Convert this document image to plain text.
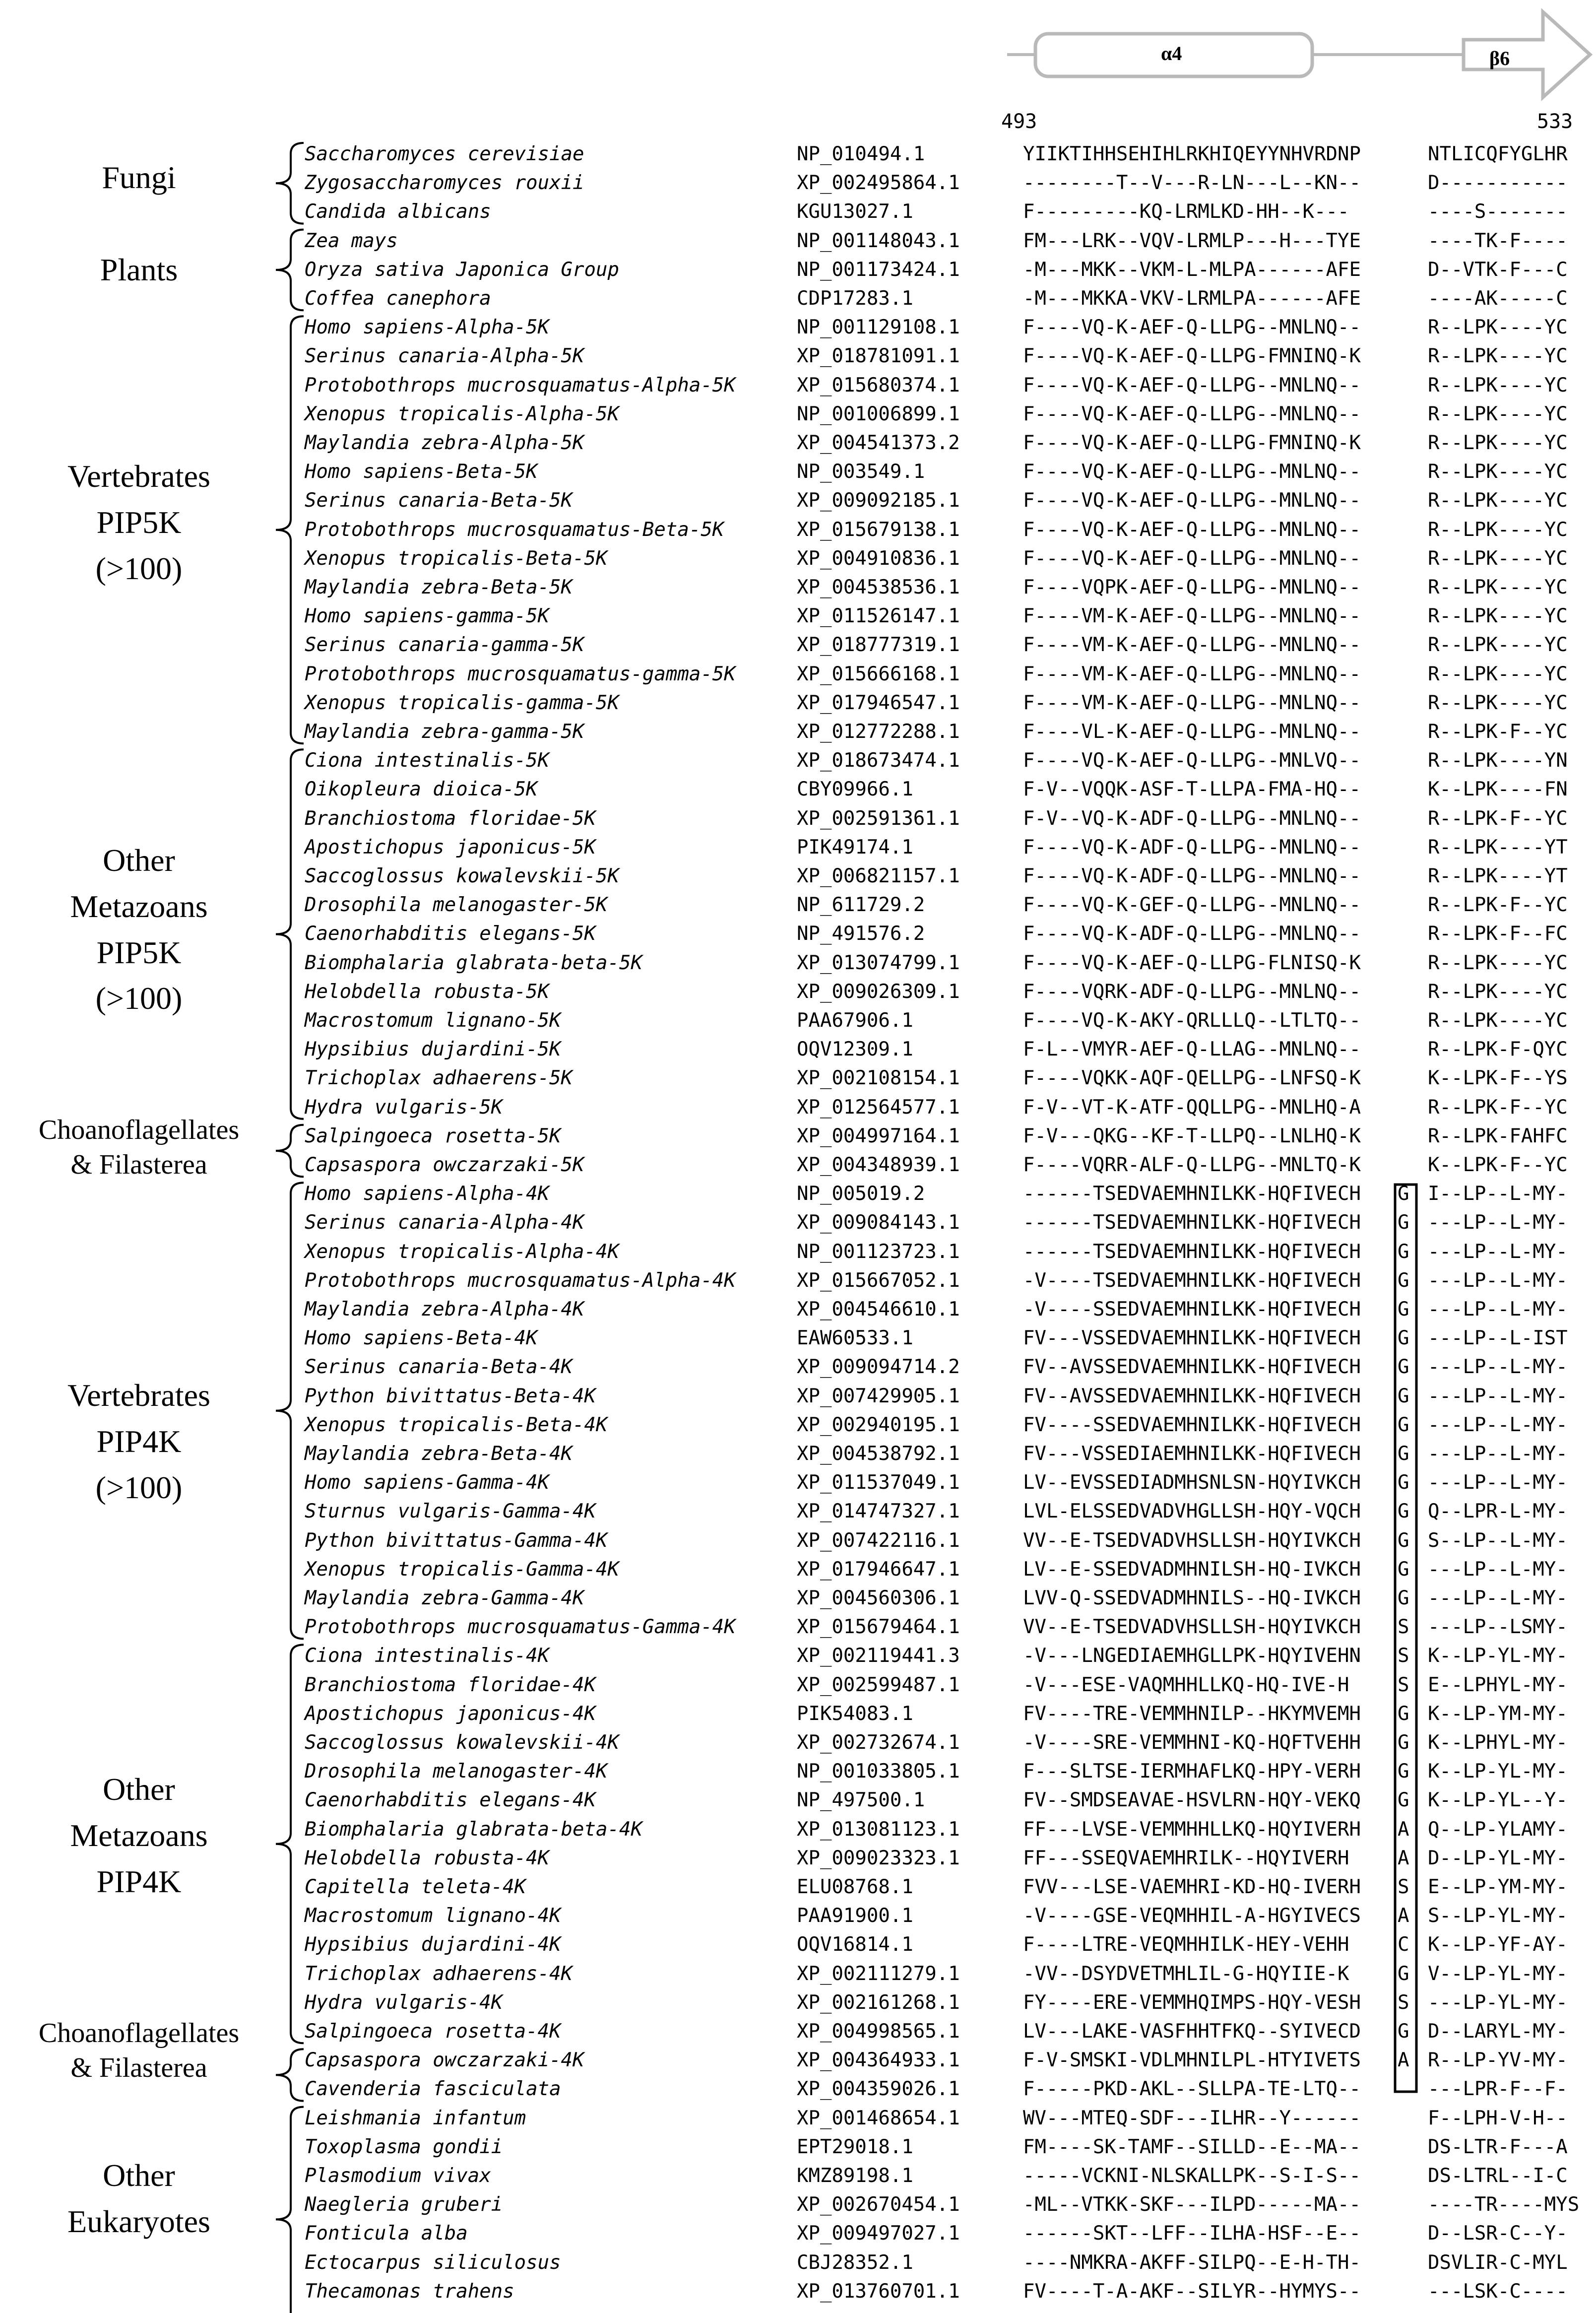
α4	β6
493	533
Fungi
Plants
Vertebrates
PIP5K
(>100)
Other
Metazoans
PIP5K
(>100)
Choanoflagellates
& Filasterea
Vertebrates
PIP4K
(>100)
Other
Metazoans
PIP4K
Choanoflagellates
& Filasterea
Other
Eukaryotes
Saccharomyces cerevisiae	NP_010494.1	YIIKTIHHSEHIHLRKHIQEYYNHVRDNP	NTLICQFYGLHR
Zygosaccharomyces rouxii	XP_002495864.1	--------T--V---R-LN---L--KN--	D-----------
Candida albicans	KGU13027.1	F---------KQ-LRMLKD-HH--K---	----S-------
Zea mays	NP_001148043.1	FM---LRK--VQV-LRMLP---H---TYE	----TK-F----
Oryza sativa Japonica Group	NP_001173424.1	-M---MKK--VKM-L-MLPA------AFE	D--VTK-F---C
Coffea canephora	CDP17283.1	-M---MKKA-VKV-LRMLPA------AFE	----AK-----C
Homo sapiens-Alpha-5K	NP_001129108.1	F----VQ-K-AEF-Q-LLPG--MNLNQ--	R--LPK----YC
Serinus canaria-Alpha-5K	XP_018781091.1	F----VQ-K-AEF-Q-LLPG-FMNINQ-K	R--LPK----YC
Protobothrops mucrosquamatus-Alpha-5K	XP_015680374.1	F----VQ-K-AEF-Q-LLPG--MNLNQ--	R--LPK----YC
Xenopus tropicalis-Alpha-5K	NP_001006899.1	F----VQ-K-AEF-Q-LLPG--MNLNQ--	R--LPK----YC
Maylandia zebra-Alpha-5K	XP_004541373.2	F----VQ-K-AEF-Q-LLPG-FMNINQ-K	R--LPK----YC
Homo sapiens-Beta-5K	NP_003549.1	F----VQ-K-AEF-Q-LLPG--MNLNQ--	R--LPK----YC
Serinus canaria-Beta-5K	XP_009092185.1	F----VQ-K-AEF-Q-LLPG--MNLNQ--	R--LPK----YC
Protobothrops mucrosquamatus-Beta-5K	XP_015679138.1	F----VQ-K-AEF-Q-LLPG--MNLNQ--	R--LPK----YC
Xenopus tropicalis-Beta-5K	XP_004910836.1	F----VQ-K-AEF-Q-LLPG--MNLNQ--	R--LPK----YC
Maylandia zebra-Beta-5K	XP_004538536.1	F----VQPK-AEF-Q-LLPG--MNLNQ--	R--LPK----YC
Homo sapiens-gamma-5K	XP_011526147.1	F----VM-K-AEF-Q-LLPG--MNLNQ--	R--LPK----YC
Serinus canaria-gamma-5K	XP_018777319.1	F----VM-K-AEF-Q-LLPG--MNLNQ--	R--LPK----YC
Protobothrops mucrosquamatus-gamma-5K	XP_015666168.1	F----VM-K-AEF-Q-LLPG--MNLNQ--	R--LPK----YC
Xenopus tropicalis-gamma-5K	XP_017946547.1	F----VM-K-AEF-Q-LLPG--MNLNQ--	R--LPK----YC
Maylandia zebra-gamma-5K	XP_012772288.1	F----VL-K-AEF-Q-LLPG--MNLNQ--	R--LPK-F--YC
Ciona intestinalis-5K	XP_018673474.1	F----VQ-K-AEF-Q-LLPG--MNLVQ--	R--LPK----YN
Oikopleura dioica-5K	CBY09966.1	F-V--VQQK-ASF-T-LLPA-FMA-HQ--	K--LPK----FN
Branchiostoma floridae-5K	XP_002591361.1	F-V--VQ-K-ADF-Q-LLPG--MNLNQ--	R--LPK-F--YC
Apostichopus japonicus-5K	PIK49174.1	F----VQ-K-ADF-Q-LLPG--MNLNQ--	R--LPK----YT
Saccoglossus kowalevskii-5K	XP_006821157.1	F----VQ-K-ADF-Q-LLPG--MNLNQ--	R--LPK----YT
Drosophila melanogaster-5K	NP_611729.2	F----VQ-K-GEF-Q-LLPG--MNLNQ--	R--LPK-F--YC
Caenorhabditis elegans-5K	NP_491576.2	F----VQ-K-ADF-Q-LLPG--MNLNQ--	R--LPK-F--FC
Biomphalaria glabrata-beta-5K	XP_013074799.1	F----VQ-K-AEF-Q-LLPG-FLNISQ-K	R--LPK----YC
Helobdella robusta-5K	XP_009026309.1	F----VQRK-ADF-Q-LLPG--MNLNQ--	R--LPK----YC
Macrostomum lignano-5K	PAA67906.1	F----VQ-K-AKY-QRLLLQ--LTLTQ--	R--LPK----YC
Hypsibius dujardini-5K	OQV12309.1	F-L--VMYR-AEF-Q-LLAG--MNLNQ--	R--LPK-F-QYC
Trichoplax adhaerens-5K	XP_002108154.1	F----VQKK-AQF-QELLPG--LNFSQ-K	K--LPK-F--YS
Hydra vulgaris-5K	XP_012564577.1	F-V--VT-K-ATF-QQLLPG--MNLHQ-A	R--LPK-F--YC
Salpingoeca rosetta-5K	XP_004997164.1	F-V---QKG--KF-T-LLPQ--LNLHQ-K	R--LPK-FAHFC
Capsaspora owczarzaki-5K	XP_004348939.1	F----VQRR-ALF-Q-LLPG--MNLTQ-K	K--LPK-F--YC
Homo sapiens-Alpha-4K	NP_005019.2	------TSEDVAEMHNILKK-HQFIVECH G I--LP--L-MY-
Serinus canaria-Alpha-4K	XP_009084143.1	------TSEDVAEMHNILKK-HQFIVECH G ---LP--L-MY-
Xenopus tropicalis-Alpha-4K	NP_001123723.1	------TSEDVAEMHNILKK-HQFIVECH G ---LP--L-MY-
Protobothrops mucrosquamatus-Alpha-4K	XP_015667052.1	-V----TSEDVAEMHNILKK-HQFIVECH G ---LP--L-MY-
Maylandia zebra-Alpha-4K	XP_004546610.1	-V----SSEDVAEMHNILKK-HQFIVECH G ---LP--L-MY-
Homo sapiens-Beta-4K	EAW60533.1	FV---VSSEDVAEMHNILKK-HQFIVECH G ---LP--L-IST
Serinus canaria-Beta-4K	XP_009094714.2	FV--AVSSEDVAEMHNILKK-HQFIVECH G ---LP--L-MY-
Python bivittatus-Beta-4K	XP_007429905.1	FV--AVSSEDVAEMHNILKK-HQFIVECH G ---LP--L-MY-
Xenopus tropicalis-Beta-4K	XP_002940195.1	FV----SSEDVAEMHNILKK-HQFIVECH G ---LP--L-MY-
Maylandia zebra-Beta-4K	XP_004538792.1	FV---VSSEDIAEMHNILKK-HQFIVECH G ---LP--L-MY-
Homo sapiens-Gamma-4K	XP_011537049.1	LV--EVSSEDIADMHSNLSN-HQYIVKCH G ---LP--L-MY-
Sturnus vulgaris-Gamma-4K	XP_014747327.1	LVL-ELSSEDVADVHGLLSH-HQY-VQCH G Q--LPR-L-MY-
Python bivittatus-Gamma-4K	XP_007422116.1	VV--E-TSEDVADVHSLLSH-HQYIVKCH G S--LP--L-MY-
Xenopus tropicalis-Gamma-4K	XP_017946647.1	LV--E-SSEDVADMHNILSH-HQ-IVKCH G ---LP--L-MY-
Maylandia zebra-Gamma-4K	XP_004560306.1	LVV-Q-SSEDVADMHNILS--HQ-IVKCH G ---LP--L-MY-
Protobothrops mucrosquamatus-Gamma-4K	XP_015679464.1	VV--E-TSEDVADVHSLLSH-HQYIVKCH S ---LP--LSMY-
Ciona intestinalis-4K	XP_002119441.3	-V---LNGEDIAEMHGLLPK-HQYIVEHN S K--LP-YL-MY-
Branchiostoma floridae-4K	XP_002599487.1	-V---ESE-VAQMHHLLKQ-HQ-IVE-H	S E--LPHYL-MY-
Apostichopus japonicus-4K	PIK54083.1	FV----TRE-VEMMHNILP--HKYMVEMH G K--LP-YM-MY-
Saccoglossus kowalevskii-4K	XP_002732674.1	-V----SRE-VEMMHNI-KQ-HQFTVEHH G K--LPHYL-MY-
Drosophila melanogaster-4K	NP_001033805.1	F---SLTSE-IERMHAFLKQ-HPY-VERH G K--LP-YL-MY-
Caenorhabditis elegans-4K	NP_497500.1	FV--SMDSEAVAE-HSVLRN-HQY-VEKQ G K--LP-YL--Y-
Biomphalaria glabrata-beta-4K	XP_013081123.1	FF---LVSE-VEMMHHLLKQ-HQYIVERH A Q--LP-YLAMY-
Helobdella robusta-4K	XP_009023323.1	FF---SSEQVAEMHRILK--HQYIVERH	A D--LP-YL-MY-
Capitella teleta-4K	ELU08768.1	FVV---LSE-VAEMHRI-KD-HQ-IVERH S E--LP-YM-MY-
Macrostomum lignano-4K	PAA91900.1	-V----GSE-VEQMHHIL-A-HGYIVECS A S--LP-YL-MY-
Hypsibius dujardini-4K	OQV16814.1	F----LTRE-VEQMHHILK-HEY-VEHH	C K--LP-YF-AY-
Trichoplax adhaerens-4K	XP_002111279.1	-VV--DSYDVETMHLIL-G-HQYIIE-K	G V--LP-YL-MY-
Hydra vulgaris-4K	XP_002161268.1	FY----ERE-VEMMHQIMPS-HQY-VESH S ---LP-YL-MY-
Salpingoeca rosetta-4K	XP_004998565.1	LV---LAKE-VASFHHTFKQ--SYIVECD G D--LARYL-MY-
Capsaspora owczarzaki-4K	XP_004364933.1	F-V-SMSKI-VDLMHNILPL-HTYIVETS A R--LP-YV-MY-
Cavenderia fasciculata	XP_004359026.1	F-----PKD-AKL--SLLPA-TE-LTQ--	---LPR-F--F-
Leishmania infantum	XP_001468654.1	WV---MTEQ-SDF---ILHR--Y------	F--LPH-V-H--
Toxoplasma gondii	EPT29018.1	FM----SK-TAMF--SILLD--E--MA--	DS-LTR-F---A
Plasmodium vivax	KMZ89198.1	-----VCKNI-NLSKALLPK--S-I-S--	DS-LTRL--I-C
Naegleria gruberi	XP_002670454.1	-ML--VTKK-SKF---ILPD-----MA--	----TR----MYS
Fonticula alba	XP_009497027.1	------SKT--LFF--ILHA-HSF--E--	D--LSR-C--Y-
Ectocarpus siliculosus	CBJ28352.1	----NMKRA-AKFF-SILPQ--E-H-TH-	DSVLIR-C-MYL
Thecamonas trahens	XP_013760701.1	FV----T-A-AKF--SILYR--HYMYS--	---LSK-C----
